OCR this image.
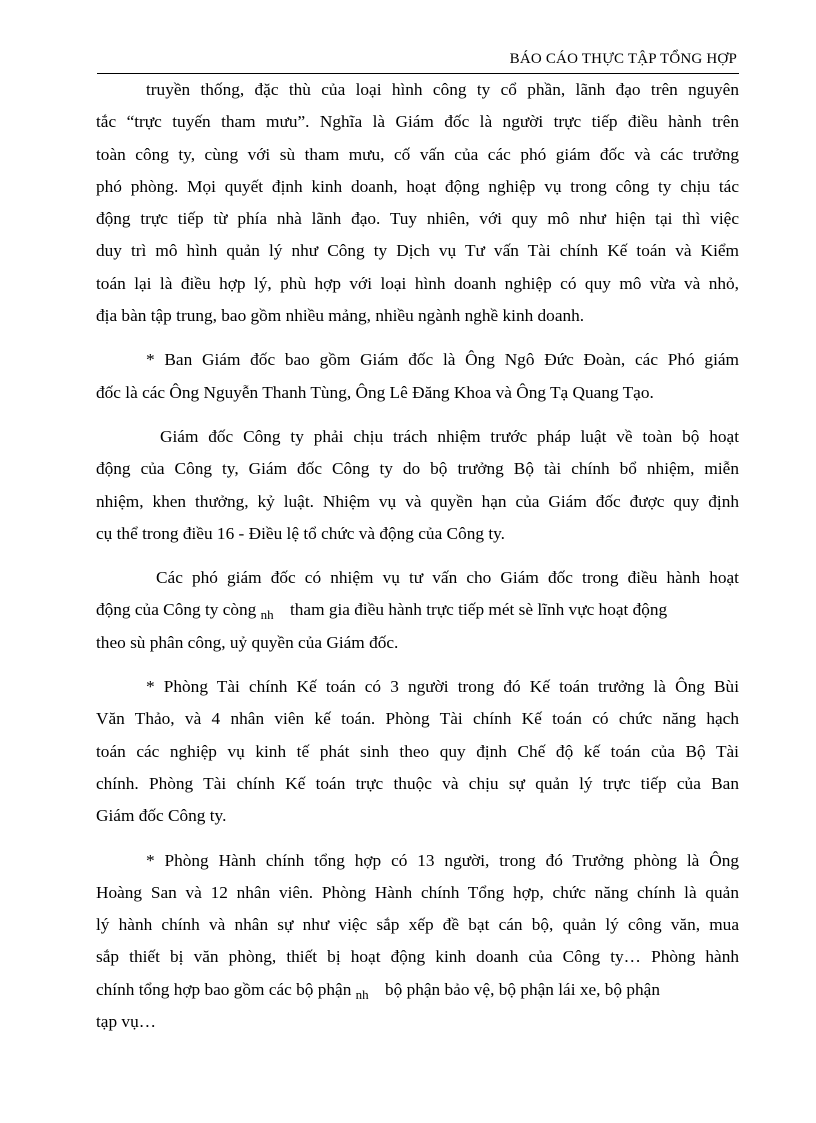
BÁO CÁO THỰC TẬP TỔNG HỢP
truyền thống, đặc thù của loại hình công ty cổ phần, lãnh đạo trên nguyên
tắc “trực tuyến tham mưu”. Nghĩa là Giám đốc là người trực tiếp điều hành trên
toàn công ty, cùng với sù tham mưu, cố vấn của các phó giám đốc và các trưởng
phó phòng. Mọi quyết định kinh doanh, hoạt động nghiệp vụ trong công ty chịu tác
động trực tiếp từ phía nhà lãnh đạo. Tuy nhiên, với quy mô như hiện tại thì việc
duy trì mô hình quản lý như Công ty Dịch vụ Tư vấn Tài chính Kế toán và Kiểm
toán lại là điều hợp lý, phù hợp với loại hình doanh nghiệp có quy mô vừa và nhỏ,
địa bàn tập trung, bao gồm nhiều mảng, nhiều ngành nghề kinh doanh.
* Ban Giám đốc bao gồm Giám đốc là Ông Ngô Đức Đoàn, các Phó giám
đốc là các Ông Nguyễn Thanh Tùng, Ông Lê Đăng Khoa và Ông Tạ Quang Tạo.
Giám đốc Công ty phải chịu trách nhiệm trước pháp luật về toàn bộ hoạt
động của Công ty, Giám đốc Công ty do bộ trưởng Bộ tài chính bổ nhiệm, miễn
nhiệm, khen thưởng, kỷ luật. Nhiệm vụ và quyền hạn của Giám đốc được quy định
cụ thể trong điều 16 - Điều lệ tổ chức và động của Công ty.
Các phó giám đốc có nhiệm vụ tư vấn cho Giám đốc trong điều hành hoạt
động của Công ty còng $_{nh}$ tham gia điều hành trực tiếp mét sè lĩnh vực hoạt động
theo sù phân công, uỷ quyền của Giám đốc.
* Phòng Tài chính Kế toán có 3 người trong đó Kế toán trưởng là Ông Bùi
Văn Thảo, và 4 nhân viên kế toán. Phòng Tài chính Kế toán có chức năng hạch
toán các nghiệp vụ kinh tế phát sinh theo quy định Chế độ kế toán của Bộ Tài
chính. Phòng Tài chính Kế toán trực thuộc và chịu sự quản lý trực tiếp của Ban
Giám đốc Công ty.
* Phòng Hành chính tổng hợp có 13 người, trong đó Trưởng phòng là Ông
Hoàng San và 12 nhân viên. Phòng Hành chính Tổng hợp, chức năng chính là quản
lý hành chính và nhân sự như việc sắp xếp đề bạt cán bộ, quản lý công văn, mua
sắp thiết bị văn phòng, thiết bị hoạt động kinh doanh của Công ty… Phòng hành
chính tổng hợp bao gồm các bộ phận $_{nh}$ bộ phận bảo vệ, bộ phận lái xe, bộ phận
tạp vụ…
